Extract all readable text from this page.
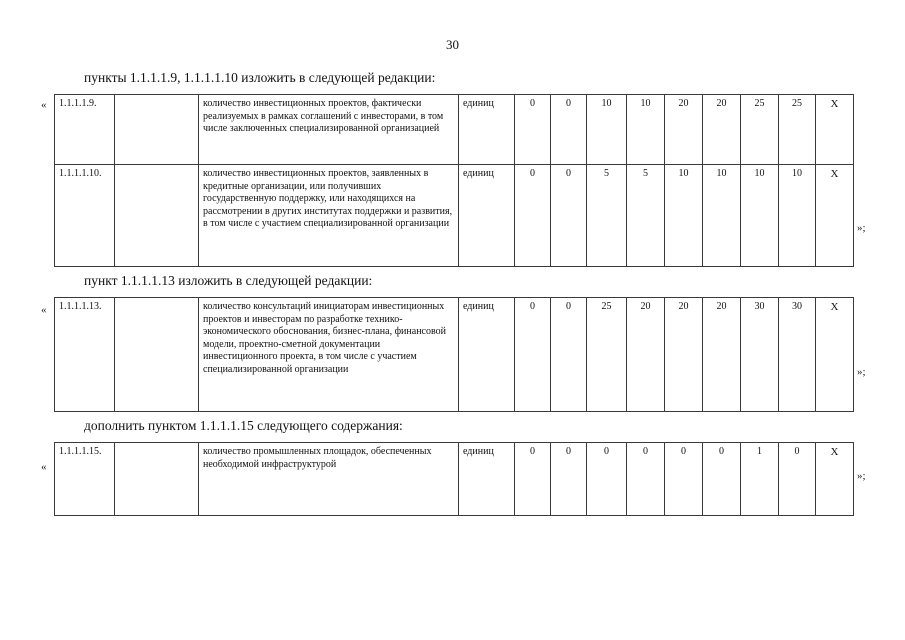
30
пункты 1.1.1.1.9, 1.1.1.1.10 изложить в следующей редакции:
«
»;
1.1.1.1.9.		количество инвестиционных проектов, фактически реализуемых в рамках соглашений с инвесторами, в том числе заключенных специализированной организацией	единиц	0	0	10	10	20	20	25	25	X
1.1.1.1.10.		количество инвестиционных проектов, заявленных в кредитные организации, или получивших государственную поддержку, или находящихся на рассмотрении в других институтах поддержки и развития, в том числе с участием специализированной организации	единиц	0	0	5	5	10	10	10	10	X
пункт 1.1.1.1.13 изложить в следующей редакции:
«
»;
1.1.1.1.13.		количество консультаций инициаторам инвестиционных проектов и инвесторам по разработке технико-экономического обоснования, бизнес-плана, финансовой модели, проектно-сметной документации инвестиционного проекта, в том числе с участием специализированной организации	единиц	0	0	25	20	20	20	30	30	X
дополнить пунктом 1.1.1.1.15 следующего содержания:
«
»;
1.1.1.1.15.		количество промышленных площадок, обеспеченных необходимой инфраструктурой	единиц	0	0	0	0	0	0	1	0	X
